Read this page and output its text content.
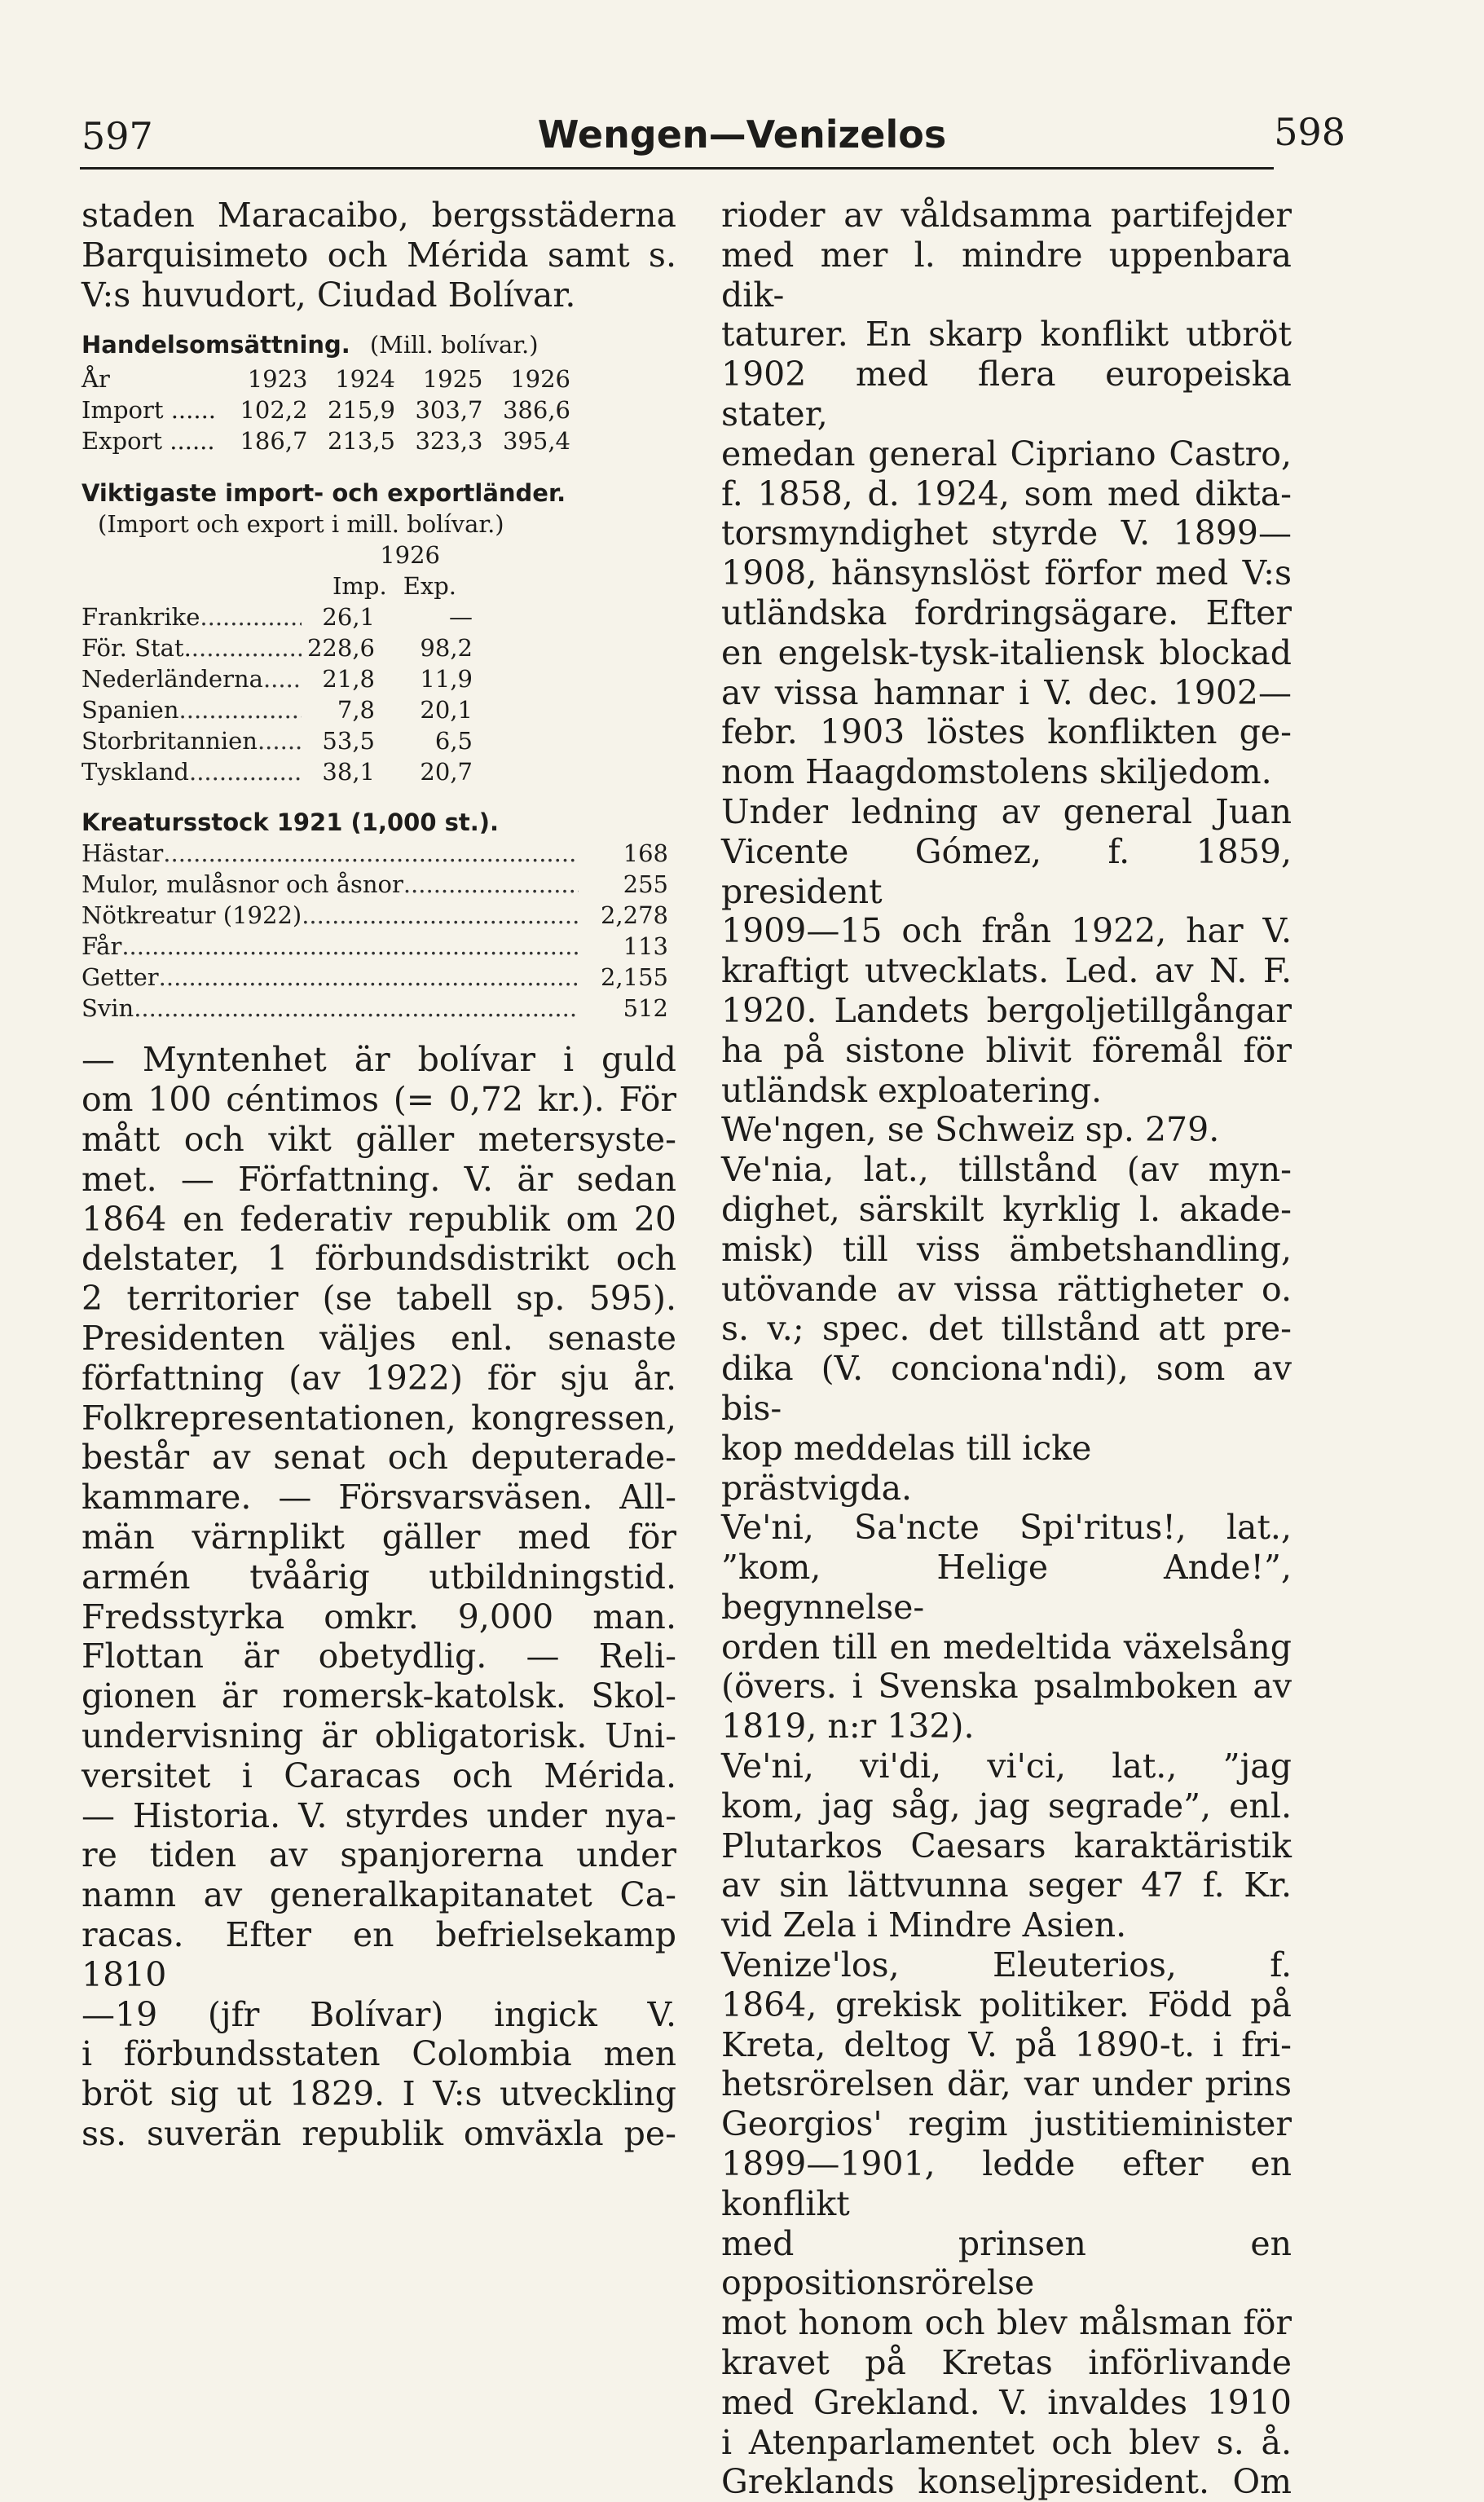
597	Wengen—Venizelos	598
staden Maracaibo, bergsstäderna
Barquisimeto och Mérida samt s.
V:s huvudort, Ciudad Bolívar.
Handelsomsättning. (Mill. bolívar.)
År	1923	1924	1925	1926
Import ......	102,2	215,9	303,7	386,6
Export ......	186,7	213,5	323,3	395,4
Viktigaste import- och exportländer.
(Import och export i mill. bolívar.)
1926
Imp. Exp.
Frankrike .....	26,1	—
För. Stat. .....	228,6	98,2
Nederländerna .....	21,8	11,9
Spanien .....	7,8	20,1
Storbritannien .....	53,5	6,5
Tyskland .....	38,1	20,7
Kreatursstock 1921 (1,000 st.).
Hästar .....	168
Mulor, mulåsnor och åsnor .....	255
Nötkreatur (1922) .....	2,278
Får .....	113
Getter .....	2,155
Svin .....	512
— Myntenhet är bolívar i guld
om 100 céntimos (= 0,72 kr.). För
mått och vikt gäller metersyste-
met. — Författning. V. är sedan
1864 en federativ republik om 20
delstater, 1 förbundsdistrikt och
2 territorier (se tabell sp. 595).
Presidenten väljes enl. senaste
författning (av 1922) för sju år.
Folkrepresentationen, kongressen,
består av senat och deputerade-
kammare. — Försvarsväsen. All-
män värnplikt gäller med för
armén tvåårig utbildningstid.
Fredsstyrka omkr. 9,000 man.
Flottan är obetydlig. — Reli-
gionen är romersk-katolsk. Skol-
undervisning är obligatorisk. Uni-
versitet i Caracas och Mérida.
— Historia. V. styrdes under nya-
re tiden av spanjorerna under
namn av generalkapitanatet Ca-
racas. Efter en befrielsekamp 1810
—19 (jfr Bolívar) ingick V.
i förbundsstaten Colombia men
bröt sig ut 1829. I V:s utveckling
ss. suverän republik omväxla pe-
rioder av våldsamma partifejder
med mer l. mindre uppenbara dik-
taturer. En skarp konflikt utbröt
1902 med flera europeiska stater,
emedan general Cipriano Castro,
f. 1858, d. 1924, som med dikta-
torsmyndighet styrde V. 1899—
1908, hänsynslöst förfor med V:s
utländska fordringsägare. Efter
en engelsk-tysk-italiensk blockad
av vissa hamnar i V. dec. 1902—
febr. 1903 löstes konflikten ge-
nom Haagdomstolens skiljedom.
Under ledning av general Juan
Vicente Gómez, f. 1859, president
1909—15 och från 1922, har V.
kraftigt utvecklats. Led. av N. F.
1920. Landets bergoljetillgångar
ha på sistone blivit föremål för
utländsk exploatering.
We'ngen, se Schweiz sp. 279.
Ve'nia, lat., tillstånd (av myn-
dighet, särskilt kyrklig l. akade-
misk) till viss ämbetshandling,
utövande av vissa rättigheter o.
s. v.; spec. det tillstånd att pre-
dika (V. concionа'ndi), som av bis-
kop meddelas till icke prästvigda.
Ve'ni, Sa'ncte Spi'ritus!, lat.,
”kom, Helige Ande!”, begynnelse-
orden till en medeltida växelsång
(övers. i Svenska psalmboken av
1819, n:r 132).
Ve'ni, vi'di, vi'ci, lat., ”jag
kom, jag såg, jag segrade”, enl.
Plutarkos Caesars karaktäristik
av sin lättvunna seger 47 f. Kr.
vid Zela i Mindre Asien.
Venize'los, Eleuterios, f.
1864, grekisk politiker. Född på
Kreta, deltog V. på 1890-t. i fri-
hetsrörelsen där, var under prins
Georgios' regim justitieminister
1899—1901, ledde efter en konflikt
med prinsen en oppositionsrörelse
mot honom och blev målsman för
kravet på Kretas införlivande
med Grekland. V. invaldes 1910
i Atenparlamentet och blev s. å.
Greklands konseljpresident. Om
